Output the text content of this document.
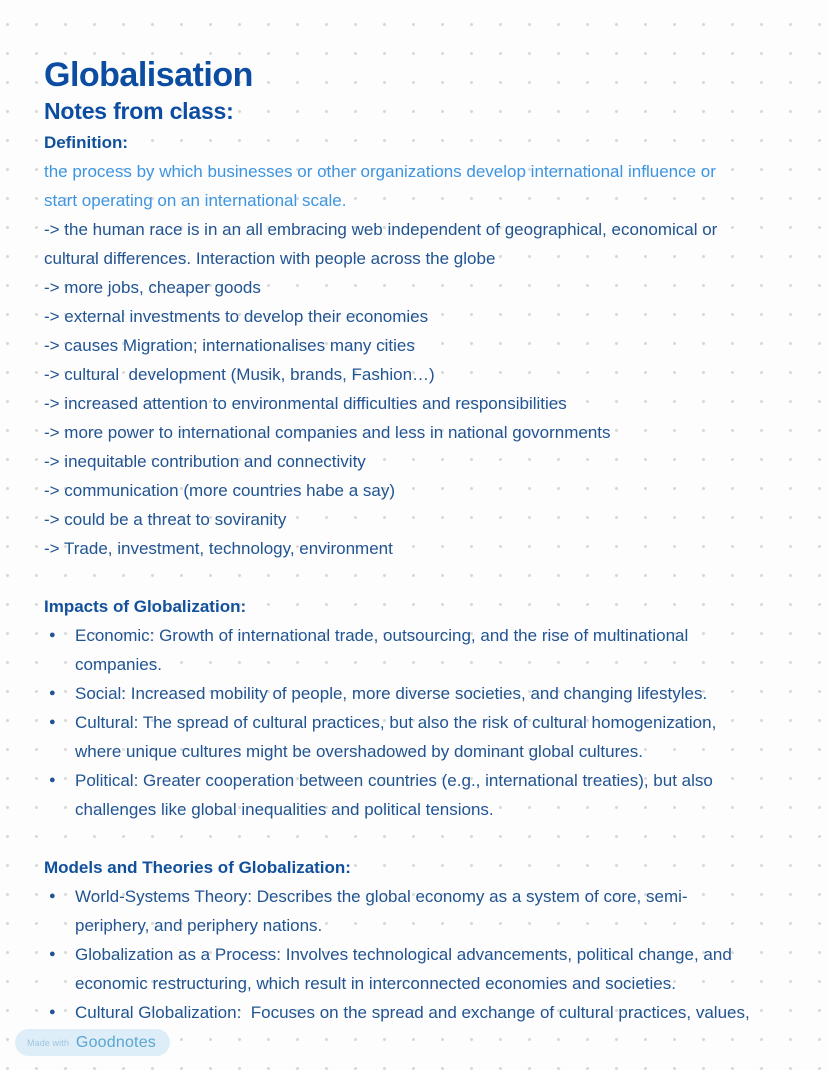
Globalisation
Notes from class:

Definition:

the process by which businesses or other organizations develop international influence or

start operating on an international scale.

-> the human race is in an all embracing web independent of geographical, economical or

cultural differences. Interaction with people across the globe

-> more jobs, cheaper goods

-> external investments to develop their economies

-> causes Migration; internationalises many cities

-> cultural  development (Musik, brands, Fashion…)

-> increased attention to environmental difficulties and responsibilities

-> more power to international companies and less in national govornments

-> inequitable contribution and connectivity

-> communication (more countries habe a say)

-> could be a threat to soviranity

-> Trade, investment, technology, environment

Impacts of Globalization:
●	Economic: Growth of international trade, outsourcing, and the rise of multinational
companies.
●	Social: Increased mobility of people, more diverse societies, and changing lifestyles.
●	Cultural: The spread of cultural practices, but also the risk of cultural homogenization,
where unique cultures might be overshadowed by dominant global cultures.
●	Political: Greater cooperation between countries (e.g., international treaties), but also
challenges like global inequalities and political tensions.
Models and Theories of Globalization:
●	World-Systems Theory: Describes the global economy as a system of core, semi-
periphery, and periphery nations.
●	Globalization as a Process: Involves technological advancements, political change, and
economic restructuring, which result in interconnected economies and societies.
●	Cultural Globalization:  Focuses on the spread and exchange of cultural practices, values,
Made with Goodnotes
